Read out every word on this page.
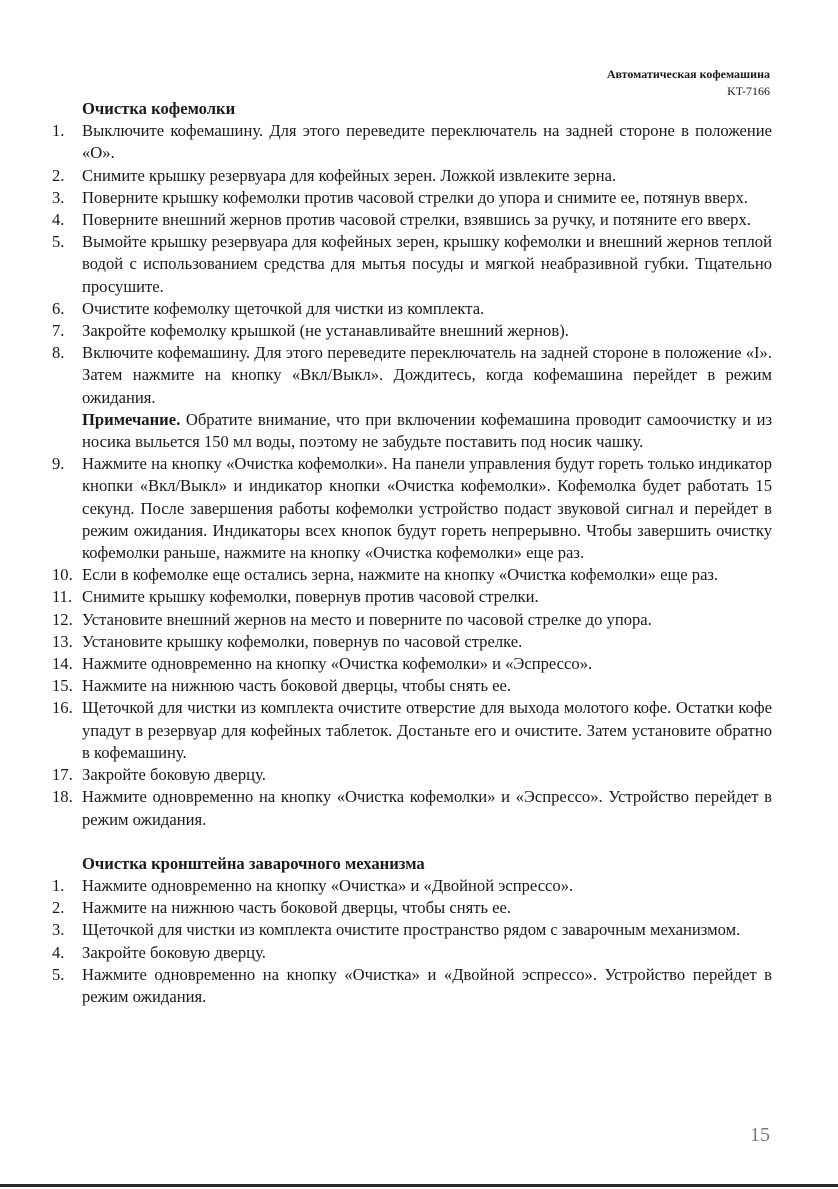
Автоматическая кофемашина
KT-7166
Очистка кофемолки
1.	Выключите кофемашину. Для этого переведите переключатель на задней стороне в положение «O».
2.	Снимите крышку резервуара для кофейных зерен. Ложкой извлеките зерна.
3.	Поверните крышку кофемолки против часовой стрелки до упора и снимите ее, потянув вверх.
4.	Поверните внешний жернов против часовой стрелки, взявшись за ручку, и потяните его вверх.
5.	Вымойте крышку резервуара для кофейных зерен, крышку кофемолки и внешний жернов теплой водой с использованием средства для мытья посуды и мягкой неабразивной губки. Тщательно просушите.
6.	Очистите кофемолку щеточкой для чистки из комплекта.
7.	Закройте кофемолку крышкой (не устанавливайте внешний жернов).
8.	Включите кофемашину. Для этого переведите переключатель на задней стороне в положение «I». Затем нажмите на кнопку «Вкл/Выкл». Дождитесь, когда кофемашина перейдет в режим ожидания.
Примечание. Обратите внимание, что при включении кофемашина проводит самоочистку и из носика выльется 150 мл воды, поэтому не забудьте поставить под носик чашку.
9.	Нажмите на кнопку «Очистка кофемолки». На панели управления будут гореть только индикатор кнопки «Вкл/Выкл» и индикатор кнопки «Очистка кофемолки». Кофемолка будет работать 15 секунд. После завершения работы кофемолки устройство подаст звуковой сигнал и перейдет в режим ожидания. Индикаторы всех кнопок будут гореть непрерывно. Чтобы завершить очистку кофемолки раньше, нажмите на кнопку «Очистка кофемолки» еще раз.
10. Если в кофемолке еще остались зерна, нажмите на кнопку «Очистка кофемолки» еще раз.
11. Снимите крышку кофемолки, повернув против часовой стрелки.
12. Установите внешний жернов на место и поверните по часовой стрелке до упора.
13. Установите крышку кофемолки, повернув по часовой стрелке.
14. Нажмите одновременно на кнопку «Очистка кофемолки» и «Эспрессо».
15. Нажмите на нижнюю часть боковой дверцы, чтобы снять ее.
16. Щеточкой для чистки из комплекта очистите отверстие для выхода молотого кофе. Остатки кофе упадут в резервуар для кофейных таблеток. Достаньте его и очистите. Затем установите обратно в кофемашину.
17. Закройте боковую дверцу.
18. Нажмите одновременно на кнопку «Очистка кофемолки» и «Эспрессо». Устройство перейдет в режим ожидания.
Очистка кронштейна заварочного механизма
1.	Нажмите одновременно на кнопку «Очистка» и «Двойной эспрессо».
2.	Нажмите на нижнюю часть боковой дверцы, чтобы снять ее.
3.	Щеточкой для чистки из комплекта очистите пространство рядом с заварочным механизмом.
4.	Закройте боковую дверцу.
5.	Нажмите одновременно на кнопку «Очистка» и «Двойной эспрессо». Устройство перейдет в режим ожидания.
15
